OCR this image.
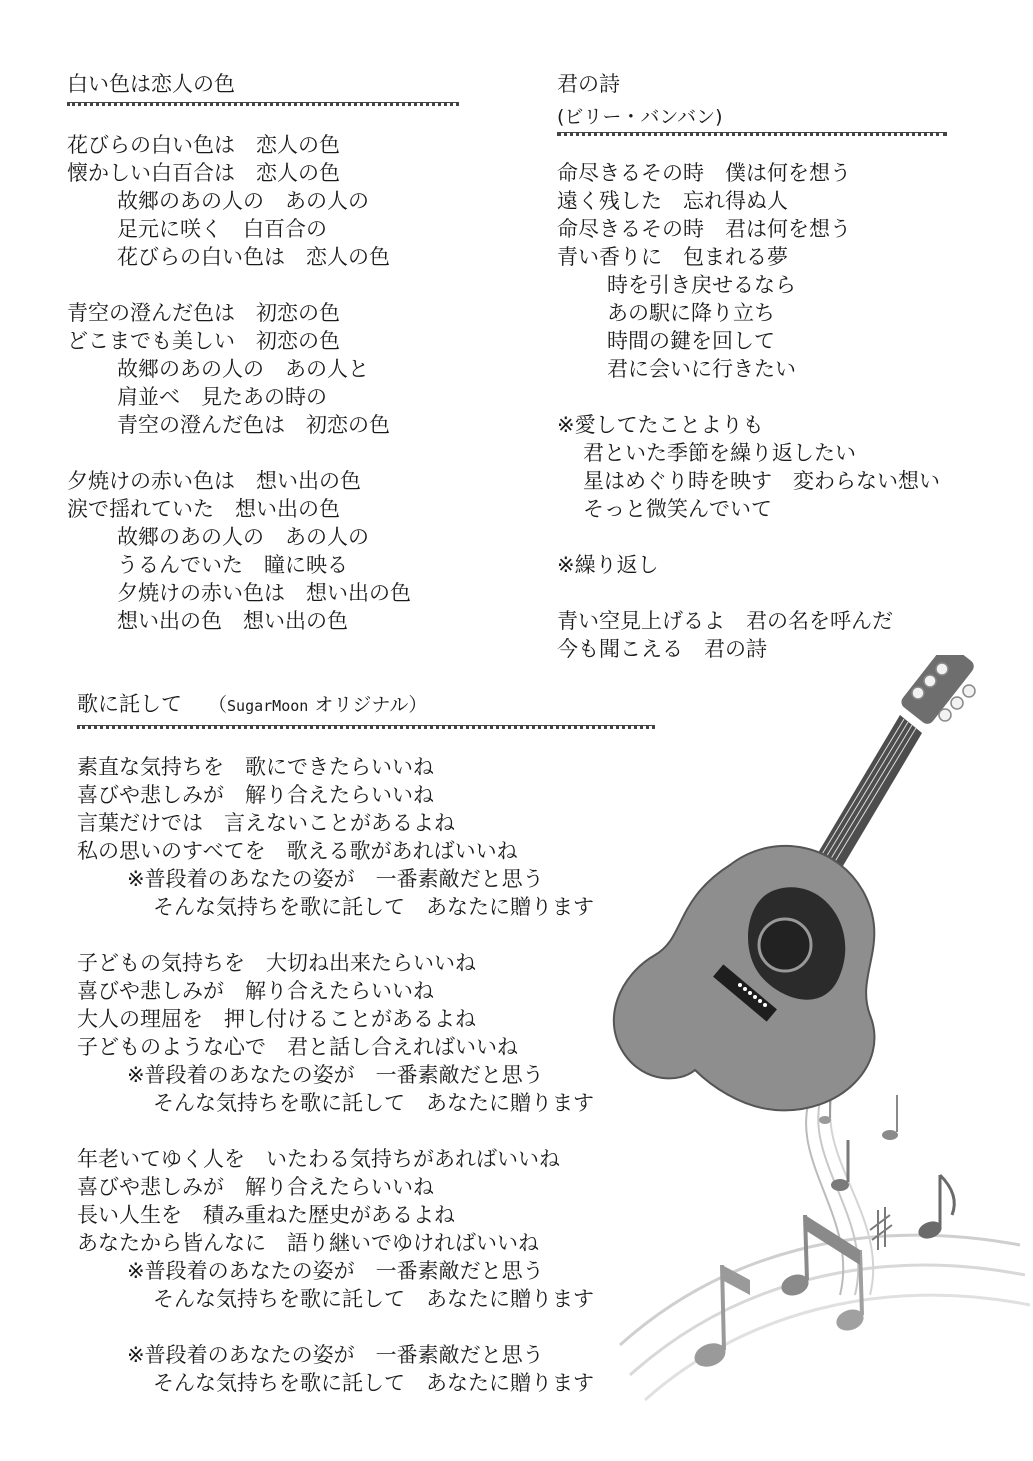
白い色は恋人の色
花びらの白い色は　恋人の色
懐かしい白百合は　恋人の色
故郷のあの人の　あの人の
足元に咲く　白百合の
花びらの白い色は　恋人の色
青空の澄んだ色は　初恋の色
どこまでも美しい　初恋の色
故郷のあの人の　あの人と
肩並べ　見たあの時の
青空の澄んだ色は　初恋の色
夕焼けの赤い色は　想い出の色
涙で揺れていた　想い出の色
故郷のあの人の　あの人の
うるんでいた　瞳に映る
夕焼けの赤い色は　想い出の色
想い出の色　想い出の色
君の詩
(ビリー・バンバン)
命尽きるその時　僕は何を想う
遠く残した　忘れ得ぬ人
命尽きるその時　君は何を想う
青い香りに　包まれる夢
時を引き戻せるなら
あの駅に降り立ち
時間の鍵を回して
君に会いに行きたい
※愛してたことよりも
君といた季節を繰り返したい
星はめぐり時を映す　変わらない想い
そっと微笑んでいて
※繰り返し
青い空見上げるよ　君の名を呼んだ
今も聞こえる　君の詩
歌に託して （SugarMoon オリジナル）
素直な気持ちを　歌にできたらいいね
喜びや悲しみが　解り合えたらいいね
言葉だけでは　言えないことがあるよね
私の思いのすべてを　歌える歌があればいいね
※普段着のあなたの姿が　一番素敵だと思う
そんな気持ちを歌に託して　あなたに贈ります
子どもの気持ちを　大切ね出来たらいいね
喜びや悲しみが　解り合えたらいいね
大人の理屈を　押し付けることがあるよね
子どものような心で　君と話し合えればいいね
※普段着のあなたの姿が　一番素敵だと思う
そんな気持ちを歌に託して　あなたに贈ります
年老いてゆく人を　いたわる気持ちがあればいいね
喜びや悲しみが　解り合えたらいいね
長い人生を　積み重ねた歴史があるよね
あなたから皆んなに　語り継いでゆければいいね
※普段着のあなたの姿が　一番素敵だと思う
そんな気持ちを歌に託して　あなたに贈ります
※普段着のあなたの姿が　一番素敵だと思う
そんな気持ちを歌に託して　あなたに贈ります
